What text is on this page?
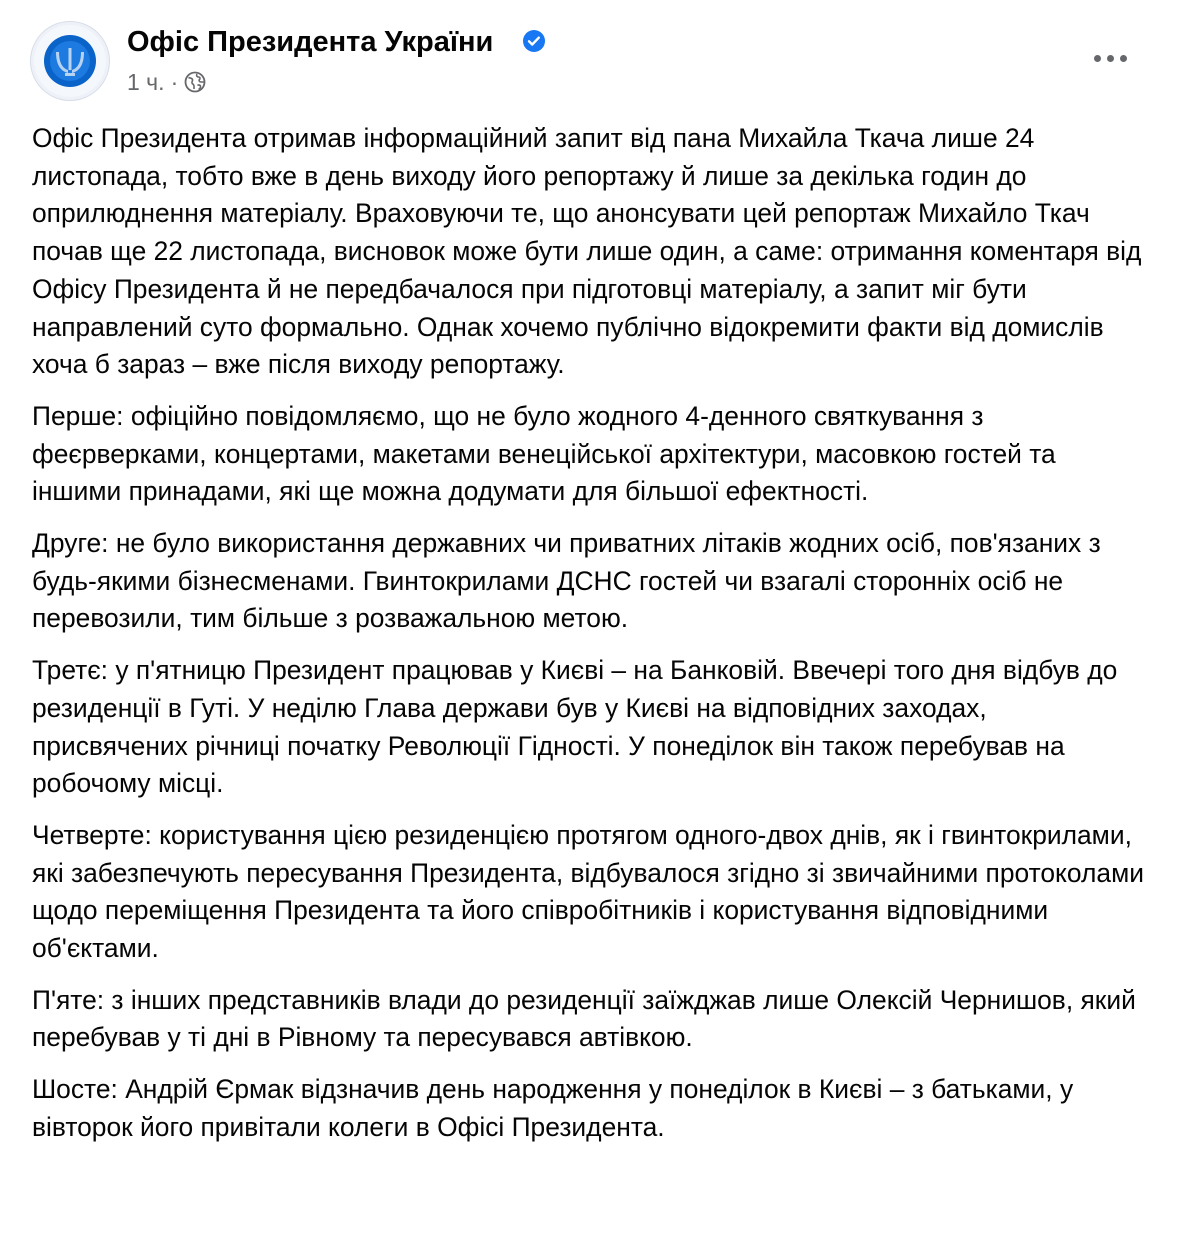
Офіс Президента України
1 ч. ·

Офіс Президента отримав інформаційний запит від пана Михайла Ткача лише 24 листопада, тобто вже в день виходу його репортажу й лише за декілька годин до оприлюднення матеріалу. Враховуючи те, що анонсувати цей репортаж Михайло Ткач почав ще 22 листопада, висновок може бути лише один, а саме: отримання коментаря від Офісу Президента й не передбачалося при підготовці матеріалу, а запит міг бути направлений суто формально. Однак хочемо публічно відокремити факти від домислів хоча б зараз – вже після виходу репортажу.

Перше: офіційно повідомляємо, що не було жодного 4-денного святкування з феєрверками, концертами, макетами венеційської архітектури, масовкою гостей та іншими принадами, які ще можна додумати для більшої ефектності.

Друге: не було використання державних чи приватних літаків жодних осіб, пов'язаних з будь-якими бізнесменами. Гвинтокрилами ДСНС гостей чи взагалі сторонніх осіб не перевозили, тим більше з розважальною метою.

Третє: у п'ятницю Президент працював у Києві – на Банковій. Ввечері того дня відбув до резиденції в Гуті. У неділю Глава держави був у Києві на відповідних заходах, присвячених річниці початку Революції Гідності. У понеділок він також перебував на робочому місці.

Четверте: користування цією резиденцією протягом одного-двох днів, як і гвинтокрилами, які забезпечують пересування Президента, відбувалося згідно зі звичайними протоколами щодо переміщення Президента та його співробітників і користування відповідними об'єктами.

П'яте: з інших представників влади до резиденції заїжджав лише Олексій Чернишов, який перебував у ті дні в Рівному та пересувався автівкою.

Шосте: Андрій Єрмак відзначив день народження у понеділок в Києві – з батьками, у вівторок його привітали колеги в Офісі Президента.
